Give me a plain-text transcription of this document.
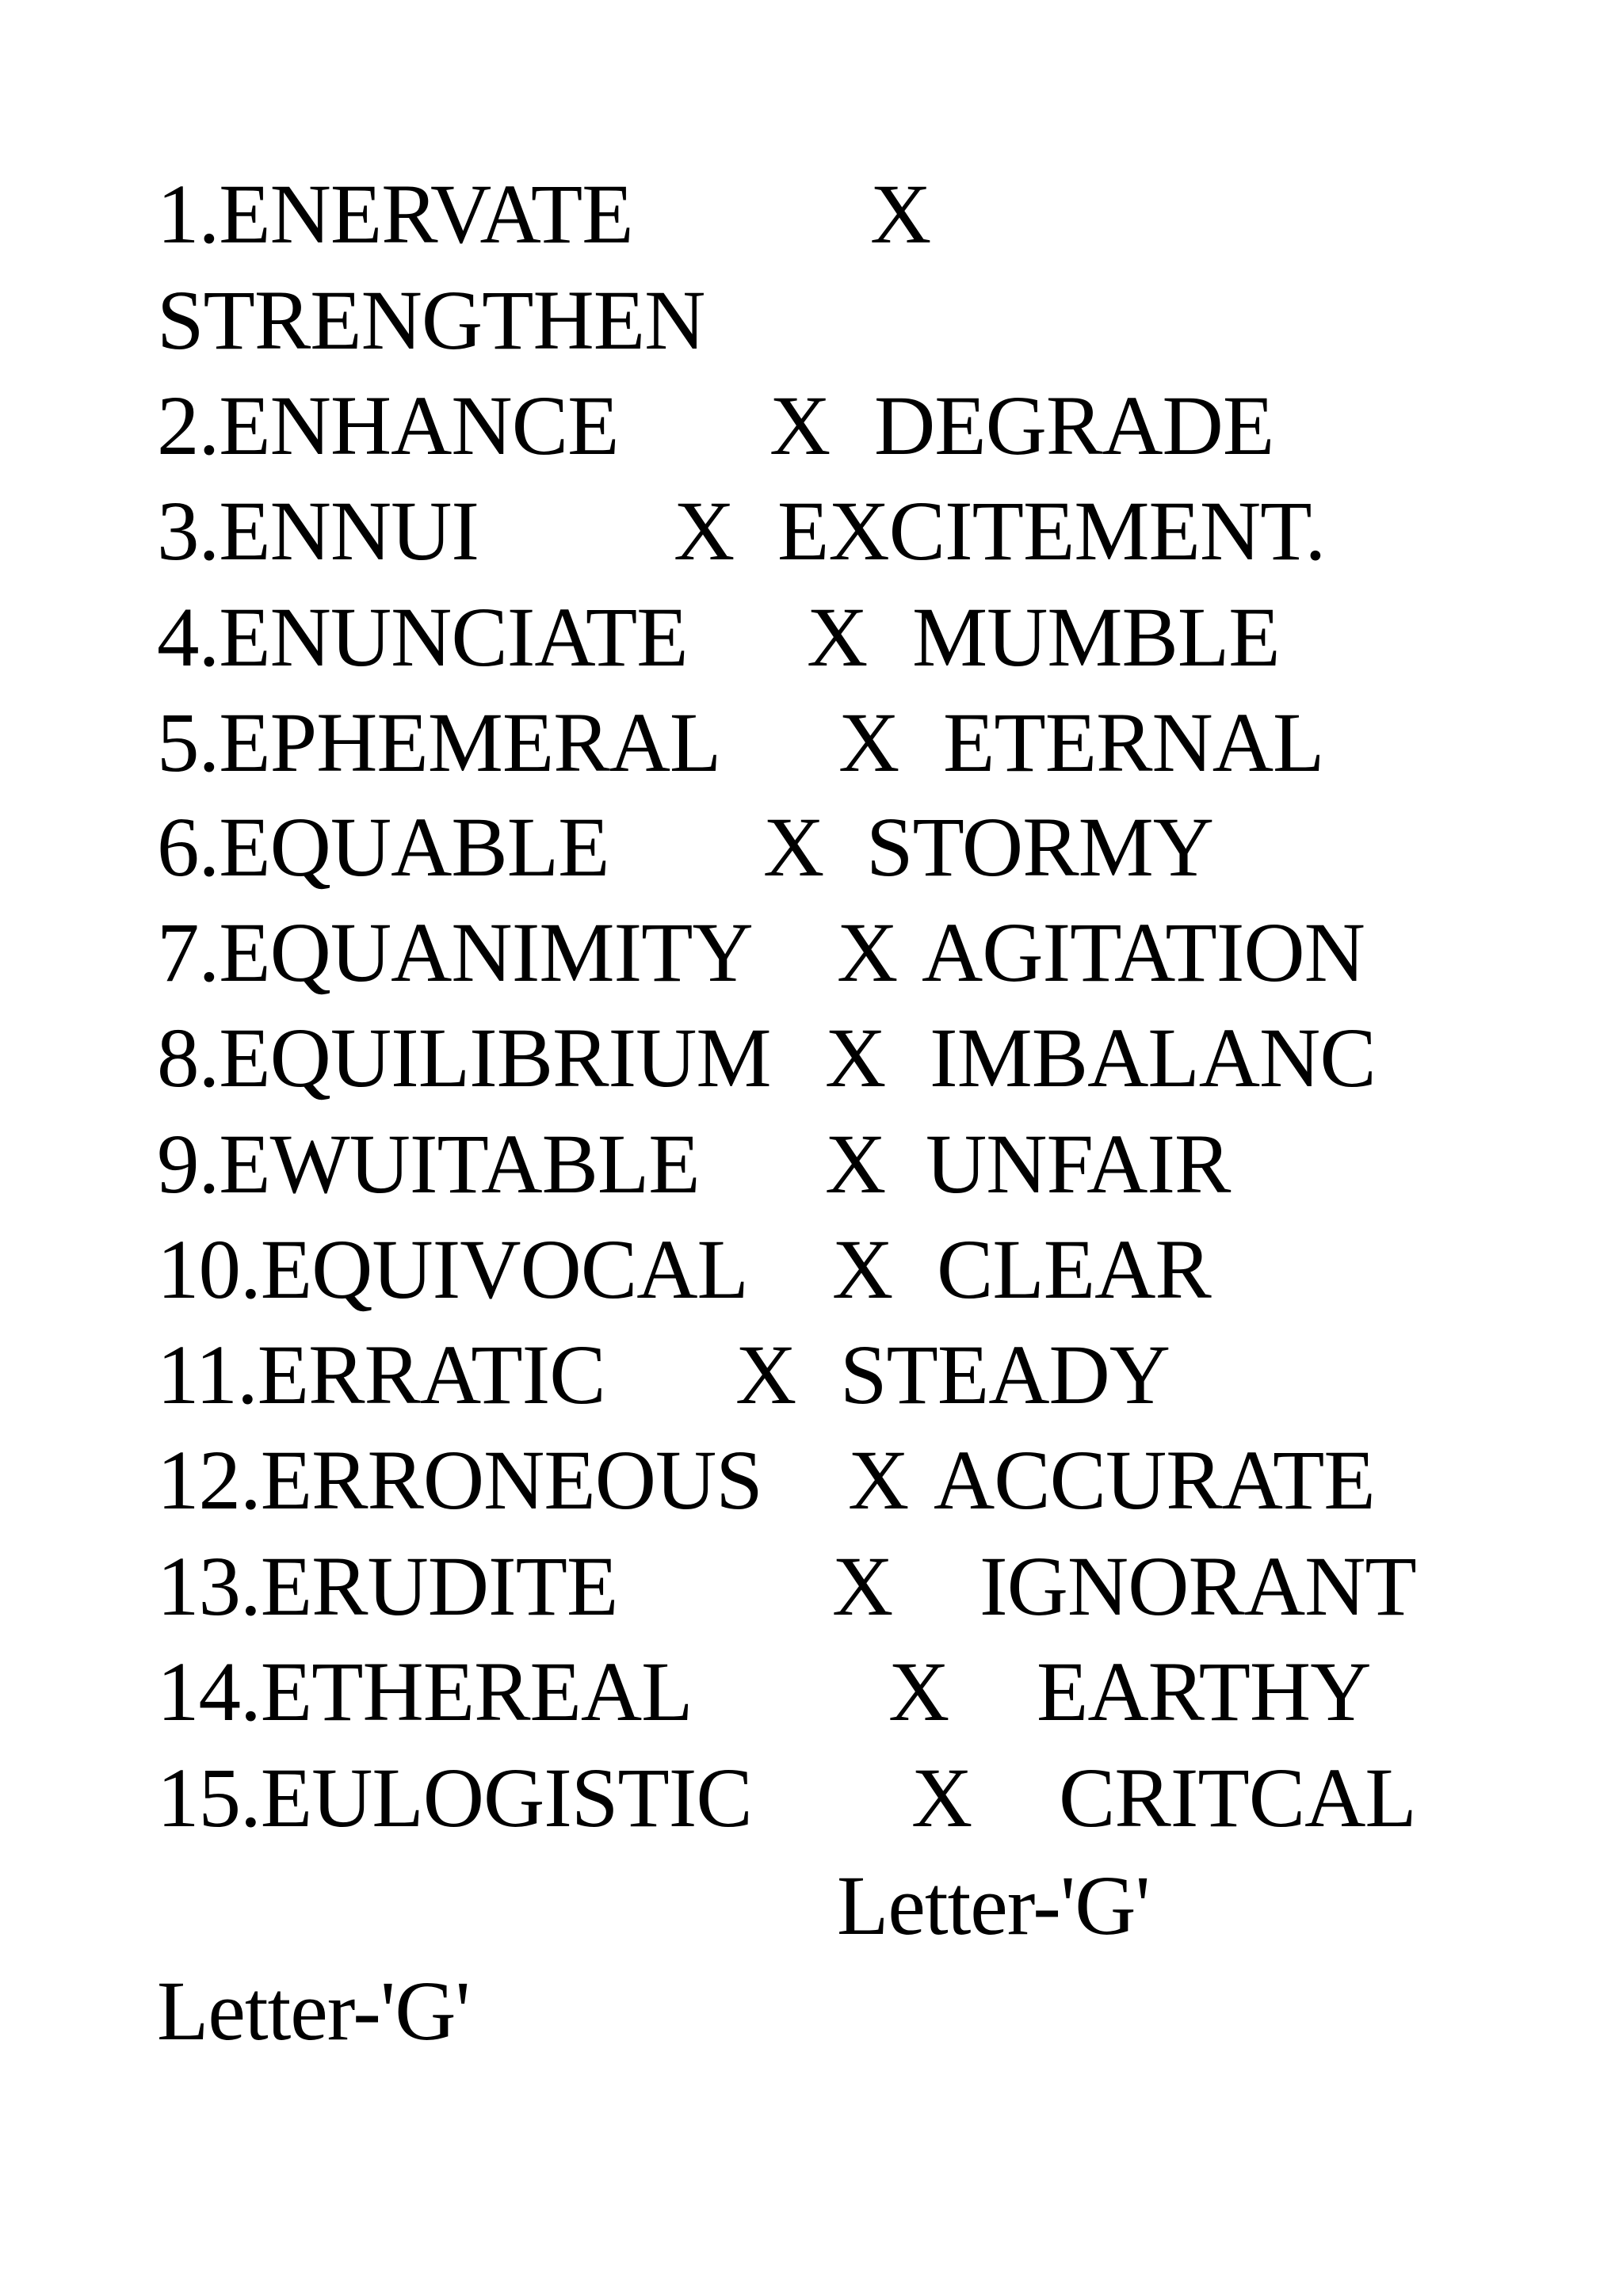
1.ENERVATE

	X

STRENGTHEN

2.ENHANCE

X

DEGRADE

3.ENNUI

X

EXCITEMENT.

4.ENUNCIATE

X

MUMBLE

5.EPHEMERAL

X

ETERNAL

6.EQUABLE

X

STORMY

7.EQUANIMITY

X

AGITATION

8.EQUILIBRIUM

X

IMBALANC

9.EWUITABLE

X

UNFAIR

10.EQUIVOCAL

X

CLEAR

11.ERRATIC

X

STEADY

12.ERRONEOUS

X

ACCURATE

13.ERUDITE

	X

IGNORANT

14.ETHEREAL

X

EARTHY

15.EULOGISTIC

X

CRITCAL

Letter-'G'

Letter-'G'
